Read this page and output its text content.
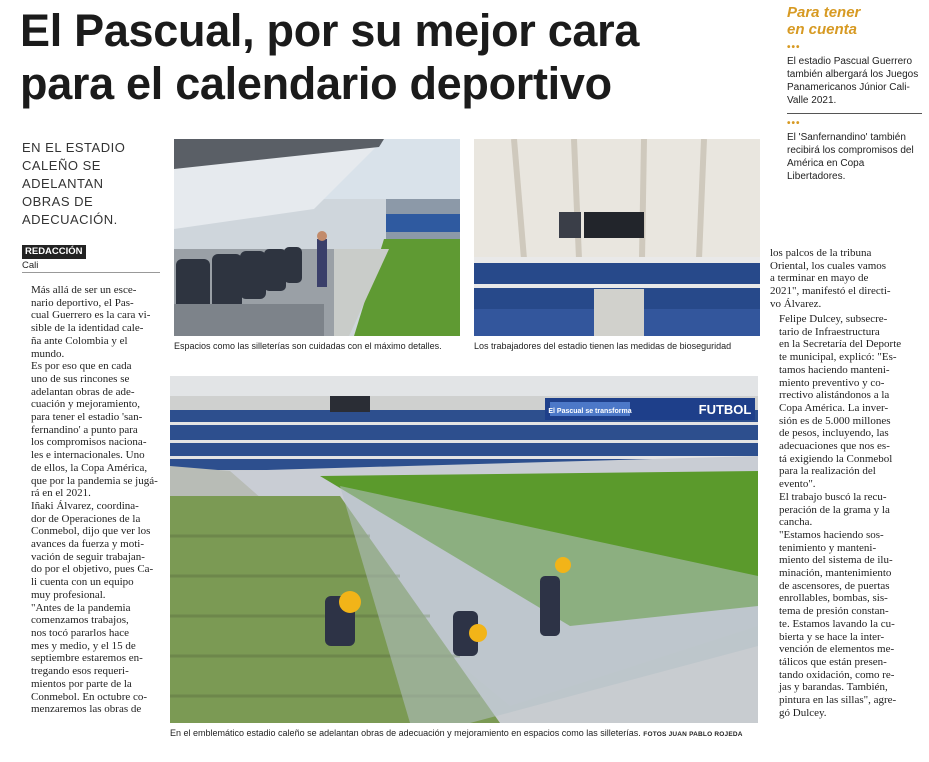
El Pascual, por su mejor cara
para el calendario deportivo
Para tener
en cuenta
•••
El estadio Pascual Guerrero también albergará los Juegos Panamericanos Júnior Cali-Valle 2021.
•••
El 'Sanfernandino' también recibirá los compromisos del América en Copa Libertadores.
EN EL ESTADIO
CALEÑO SE
ADELANTAN
OBRAS DE
ADECUACIÓN.
REDACCIÓN
Cali

Más allá de ser un esce-
nario deportivo, el Pas-
cual Guerrero es la cara vi-
sible de la identidad cale-
ña ante Colombia y el
mundo.

Es por eso que en cada
uno de sus rincones se
adelantan obras de ade-
cuación y mejoramiento,
para tener el estadio 'san-
fernandino' a punto para
los compromisos naciona-
les e internacionales. Uno
de ellos, la Copa América,
que por la pandemia se jugá-
rá en el 2021.

Iñaki Álvarez, coordina-
dor de Operaciones de la
Conmebol, dijo que ver los
avances da fuerza y moti-
vación de seguir trabajan-
do por el objetivo, pues Ca-
li cuenta con un equipo
muy profesional.

"Antes de la pandemia
comenzamos trabajos,
nos tocó pararlos hace
mes y medio, y el 15 de
septiembre estaremos en-
tregando esos requeri-
mientos por parte de la
Conmebol. En octubre co-
menzaremos las obras de

los palcos de la tribuna
Oriental, los cuales vamos
a terminar en mayo de
2021", manifestó el directi-
vo Álvarez.

Felipe Dulcey, subsecre-
tario de Infraestructura
en la Secretaría del Deporte
te municipal, explicó: "Es-
tamos haciendo manteni-
miento preventivo y co-
rrectivo alistándonos a la
Copa América. La inver-
sión es de 5.000 millones
de pesos, incluyendo, las
adecuaciones que nos es-
tá exigiendo la Conmebol
para la realización del
evento".

El trabajo buscó la recu-
peración de la grama y la
cancha.

"Estamos haciendo sos-
tenimiento y manteni-
miento del sistema de ilu-
minación, mantenimiento
de ascensores, de puertas
enrollables, bombas, sis-
tema de presión constan-
te. Estamos lavando la cu-
bierta y se hace la inter-
vención de elementos me-
tálicos que están presen-
tando oxidación, como re-
jas y barandas. También,
pintura en las sillas", agre-
gó Dulcey.

Espacios como las silleterías son cuidadas con el máximo detalles.	Los trabajadores del estadio tienen las medidas de bioseguridad
El Pascual se transforma	FUTBOL
En el emblemático estadio caleño se adelantan obras de adecuación y mejoramiento en espacios como las silleterías. FOTOS JUAN PABLO ROJEDA
